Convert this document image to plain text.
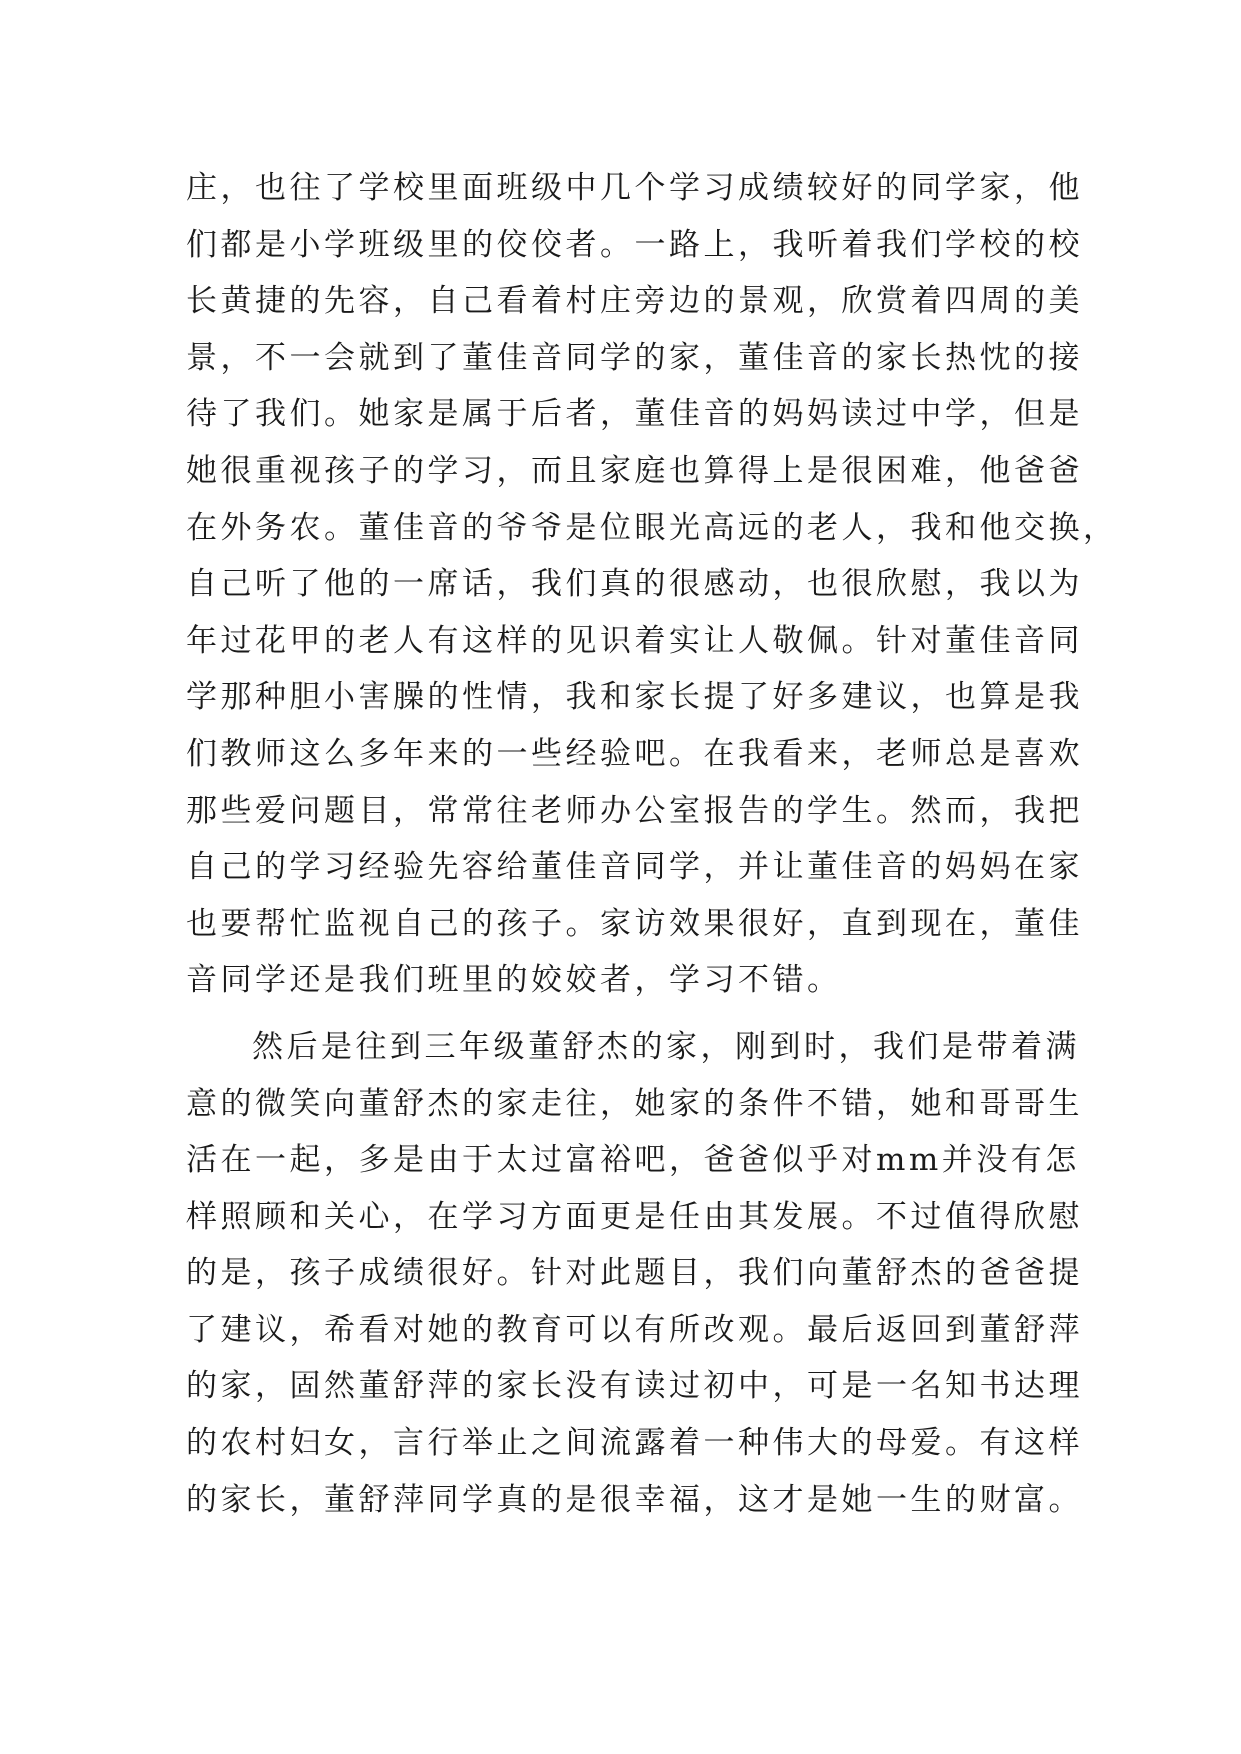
庄，也往了学校里面班级中几个学习成绩较好的同学家，他
们都是小学班级里的佼佼者。一路上，我听着我们学校的校
长黄捷的先容，自己看着村庄旁边的景观，欣赏着四周的美
景，不一会就到了董佳音同学的家，董佳音的家长热忱的接
待了我们。她家是属于后者，董佳音的妈妈读过中学，但是
她很重视孩子的学习，而且家庭也算得上是很困难，他爸爸
在外务农。董佳音的爷爷是位眼光高远的老人，我和他交换，
自己听了他的一席话，我们真的很感动，也很欣慰，我以为
年过花甲的老人有这样的见识着实让人敬佩。针对董佳音同
学那种胆小害臊的性情，我和家长提了好多建议，也算是我
们教师这么多年来的一些经验吧。在我看来，老师总是喜欢
那些爱问题目，常常往老师办公室报告的学生。然而，我把
自己的学习经验先容给董佳音同学，并让董佳音的妈妈在家
也要帮忙监视自己的孩子。家访效果很好，直到现在，董佳
音同学还是我们班里的姣姣者，学习不错。
然后是往到三年级董舒杰的家，刚到时，我们是带着满
意的微笑向董舒杰的家走往，她家的条件不错，她和哥哥生
活在一起，多是由于太过富裕吧，爸爸似乎对mm并没有怎
样照顾和关心，在学习方面更是任由其发展。不过值得欣慰
的是，孩子成绩很好。针对此题目，我们向董舒杰的爸爸提
了建议，希看对她的教育可以有所改观。最后返回到董舒萍
的家，固然董舒萍的家长没有读过初中，可是一名知书达理
的农村妇女，言行举止之间流露着一种伟大的母爱。有这样
的家长，董舒萍同学真的是很幸福，这才是她一生的财富。
